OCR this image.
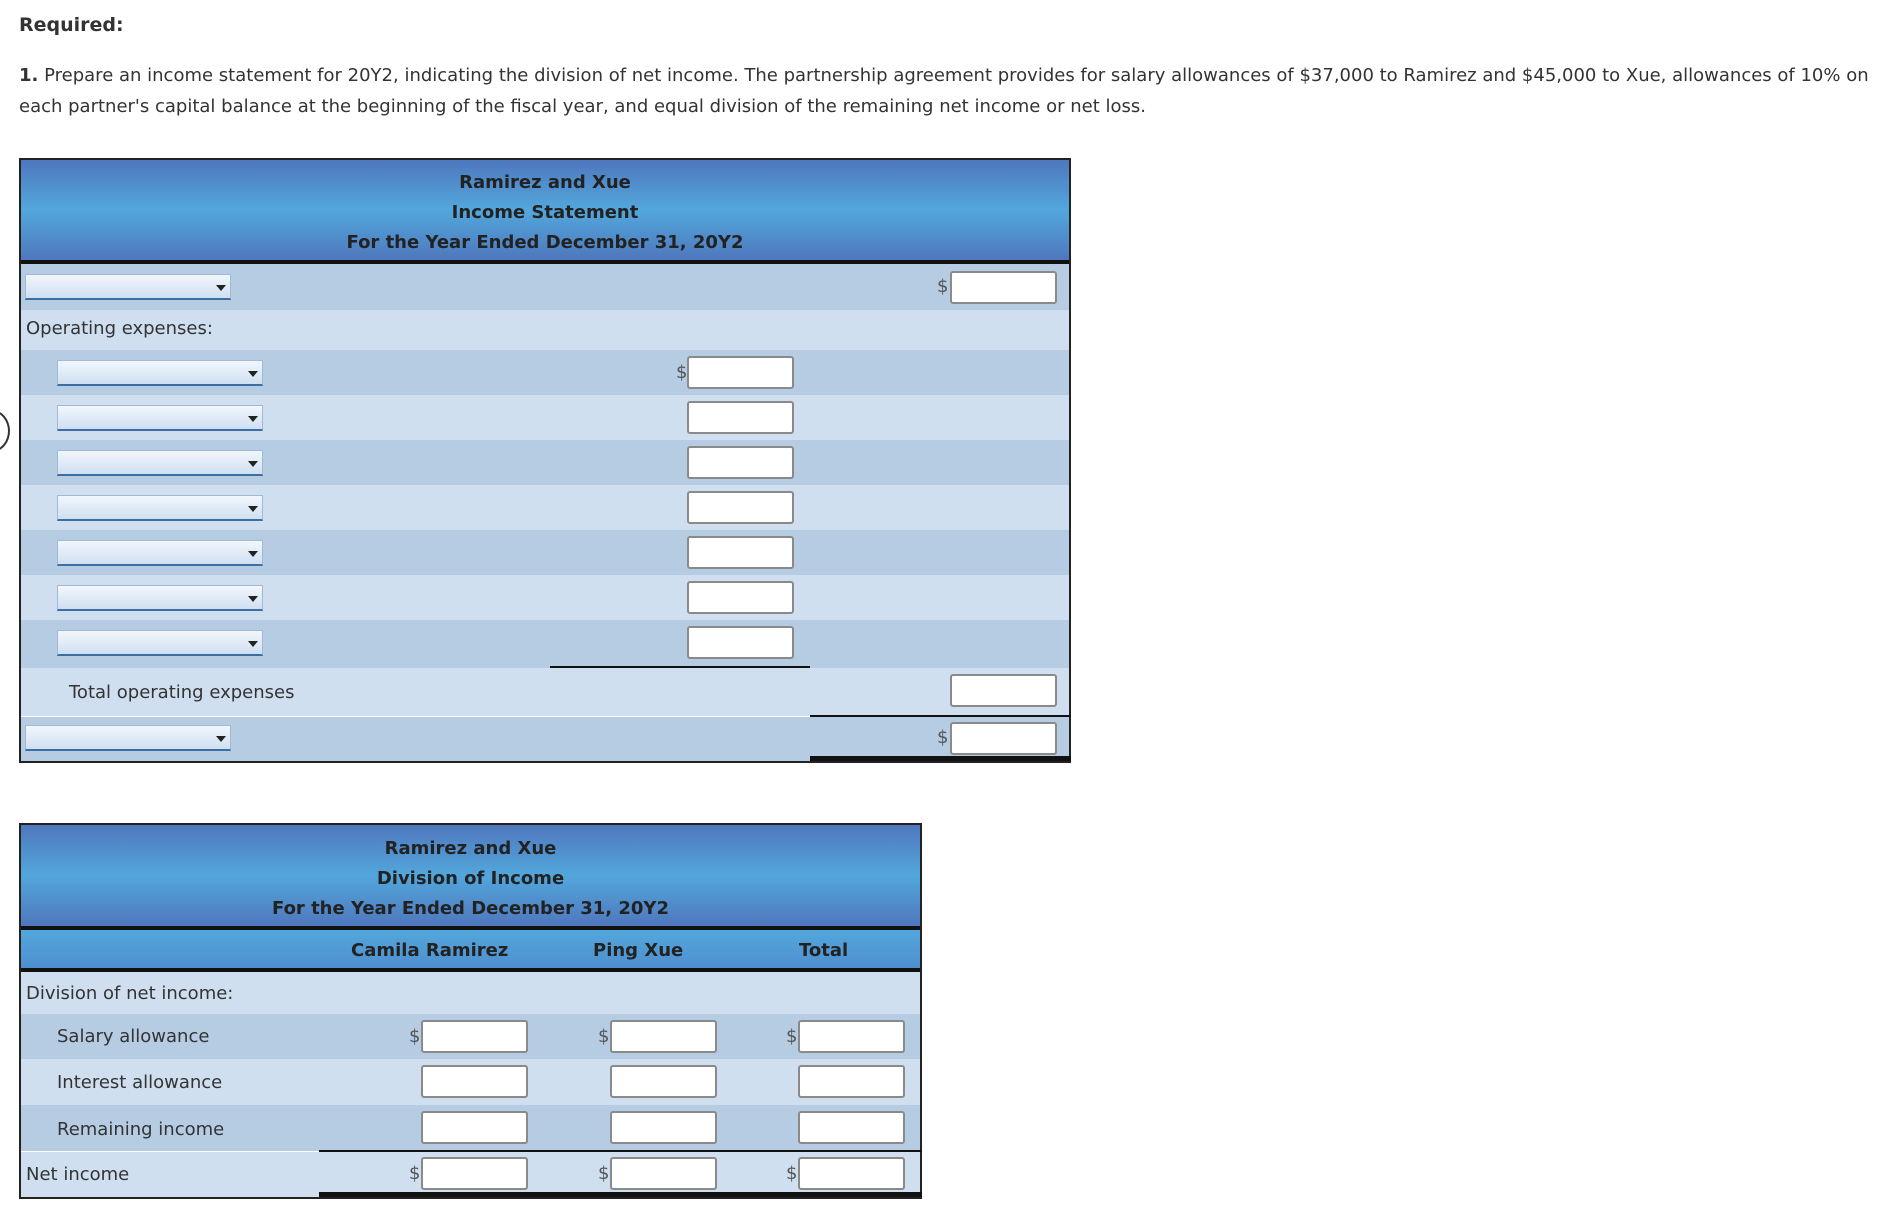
Required:
1. Prepare an income statement for 20Y2, indicating the division of net income. The partnership agreement provides for salary allowances of $37,000 to Ramirez and $45,000 to Xue, allowances of 10% on each partner's capital balance at the beginning of the fiscal year, and equal division of the remaining net income or net loss.
Ramirez and Xue
Income Statement
For the Year Ended December 31, 20Y2
$
Operating expenses:
$
Total operating expenses
$
Ramirez and Xue
Division of Income
For the Year Ended December 31, 20Y2
Camila Ramirez	Ping Xue	Total
Division of net income:
Salary allowance	$	$	$
Interest allowance
Remaining income
Net income	$	$	$
